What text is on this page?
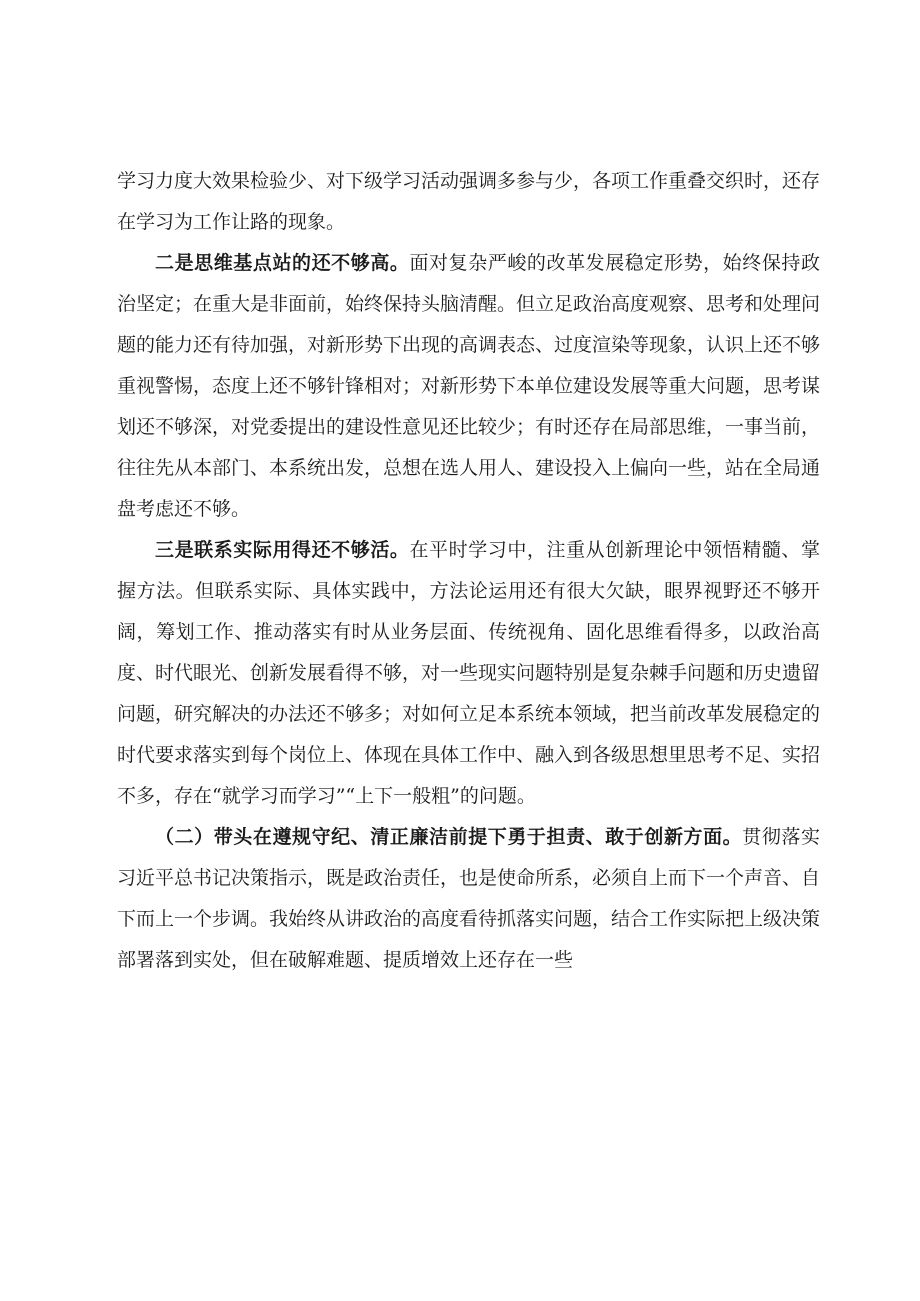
学习力度大效果检验少、对下级学习活动强调多参与少，各项工作重叠交织时，还存在学习为工作让路的现象。

二是思维基点站的还不够高。面对复杂严峻的改革发展稳定形势，始终保持政治坚定；在重大是非面前，始终保持头脑清醒。但立足政治高度观察、思考和处理问题的能力还有待加强，对新形势下出现的高调表态、过度渲染等现象，认识上还不够重视警惕，态度上还不够针锋相对；对新形势下本单位建设发展等重大问题，思考谋划还不够深，对党委提出的建设性意见还比较少；有时还存在局部思维，一事当前，往往先从本部门、本系统出发，总想在选人用人、建设投入上偏向一些，站在全局通盘考虑还不够。

三是联系实际用得还不够活。在平时学习中，注重从创新理论中领悟精髓、掌握方法。但联系实际、具体实践中，方法论运用还有很大欠缺，眼界视野还不够开阔，筹划工作、推动落实有时从业务层面、传统视角、固化思维看得多，以政治高度、时代眼光、创新发展看得不够，对一些现实问题特别是复杂棘手问题和历史遗留问题，研究解决的办法还不够多；对如何立足本系统本领域，把当前改革发展稳定的时代要求落实到每个岗位上、体现在具体工作中、融入到各级思想里思考不足、实招不多，存在“就学习而学习”“上下一般粗”的问题。

（二）带头在遵规守纪、清正廉洁前提下勇于担责、敢于创新方面。贯彻落实习近平总书记决策指示，既是政治责任，也是使命所系，必须自上而下一个声音、自下而上一个步调。我始终从讲政治的高度看待抓落实问题，结合工作实际把上级决策部署落到实处，但在破解难题、提质增效上还存在一些
